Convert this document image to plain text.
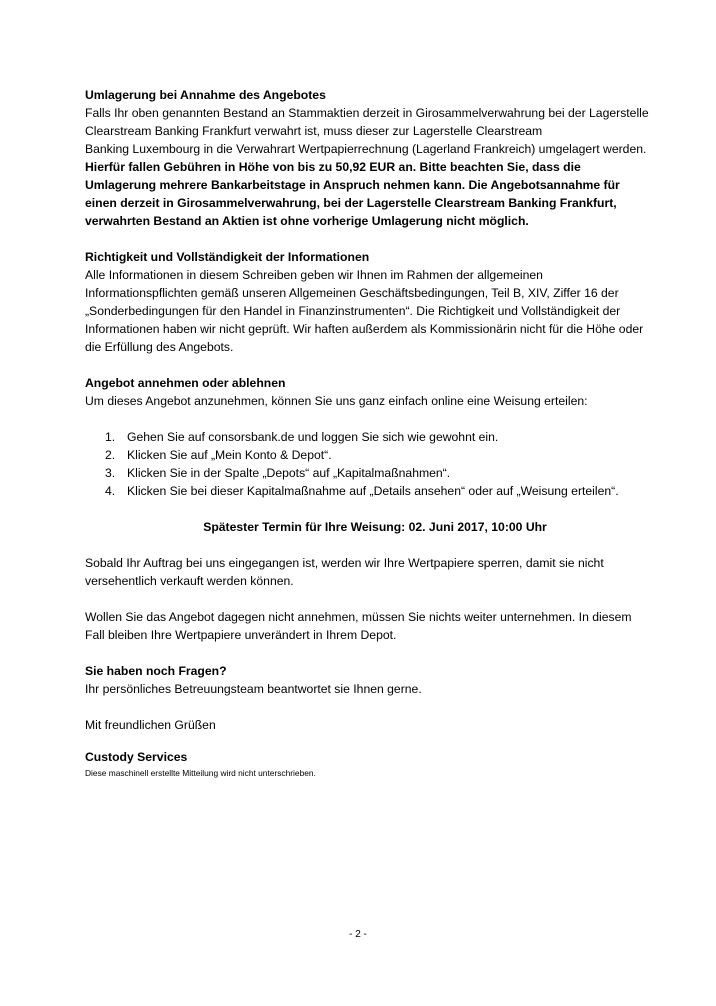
Umlagerung bei Annahme des Angebotes
Falls Ihr oben genannten Bestand an Stammaktien derzeit in Girosammelverwahrung bei der Lagerstelle
Clearstream Banking Frankfurt verwahrt ist, muss dieser zur Lagerstelle Clearstream
Banking Luxembourg in die Verwahrart Wertpapierrechnung (Lagerland Frankreich) umgelagert werden.
Hierfür fallen Gebühren in Höhe von bis zu 50,92 EUR an. Bitte beachten Sie, dass die
Umlagerung mehrere Bankarbeitstage in Anspruch nehmen kann. Die Angebotsannahme für
einen derzeit in Girosammelverwahrung, bei der Lagerstelle Clearstream Banking Frankfurt,
verwahrten Bestand an Aktien ist ohne vorherige Umlagerung nicht möglich.
Richtigkeit und Vollständigkeit der Informationen
Alle Informationen in diesem Schreiben geben wir Ihnen im Rahmen der allgemeinen
Informationspflichten gemäß unseren Allgemeinen Geschäftsbedingungen, Teil B, XIV, Ziffer 16 der
„Sonderbedingungen für den Handel in Finanzinstrumenten“. Die Richtigkeit und Vollständigkeit der
Informationen haben wir nicht geprüft. Wir haften außerdem als Kommissionärin nicht für die Höhe oder
die Erfüllung des Angebots.
Angebot annehmen oder ablehnen
Um dieses Angebot anzunehmen, können Sie uns ganz einfach online eine Weisung erteilen:
1. Gehen Sie auf consorsbank.de und loggen Sie sich wie gewohnt ein.
2. Klicken Sie auf „Mein Konto & Depot“.
3. Klicken Sie in der Spalte „Depots“ auf „Kapitalmaßnahmen“.
4. Klicken Sie bei dieser Kapitalmaßnahme auf „Details ansehen“ oder auf „Weisung erteilen“.
Spätester Termin für Ihre Weisung: 02. Juni 2017, 10:00 Uhr
Sobald Ihr Auftrag bei uns eingegangen ist, werden wir Ihre Wertpapiere sperren, damit sie nicht
versehentlich verkauft werden können.
Wollen Sie das Angebot dagegen nicht annehmen, müssen Sie nichts weiter unternehmen. In diesem
Fall bleiben Ihre Wertpapiere unverändert in Ihrem Depot.
Sie haben noch Fragen?
Ihr persönliches Betreuungsteam beantwortet sie Ihnen gerne.
Mit freundlichen Grüßen
Custody Services
Diese maschinell erstellte Mitteilung wird nicht unterschrieben.
- 2 -
